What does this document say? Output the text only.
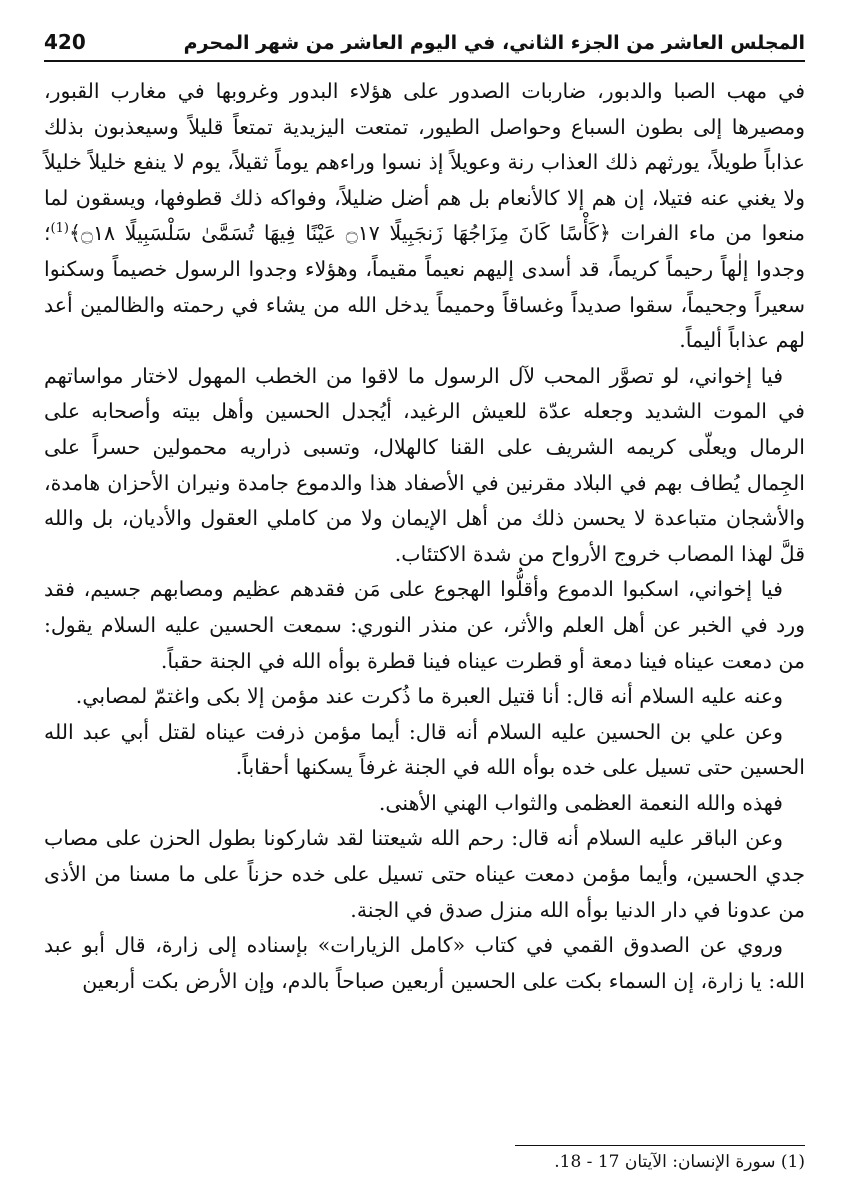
المجلس العاشر من الجزء الثاني، في اليوم العاشر من شهر المحرم
420

في مهب الصبا والدبور، ضاربات الصدور على هؤلاء البدور وغروبها في مغارب القبور، ومصيرها إلى بطون السباع وحواصل الطيور، تمتعت اليزيدية تمتعاً قليلاً وسيعذبون بذلك عذاباً طويلاً، يورثهم ذلك العذاب رنة وعويلاً إذ نسوا وراءهم يوماً ثقيلاً، يوم لا ينفع خليلاً خليلاً ولا يغني عنه فتيلا، إن هم إلا كالأنعام بل هم أضل ضليلاً، وفواكه ذلك قطوفها، ويسقون لما منعوا من ماء الفرات ﴿كَأْسًا كَانَ مِزَاجُهَا زَنجَبِيلًا ۝١٧ عَيْنًا فِيهَا تُسَمَّىٰ سَلْسَبِيلًا ۝١٨﴾$^{(1)}$؛ وجدوا إلٰهاً رحيماً كريماً، قد أسدى إليهم نعيماً مقيماً، وهؤلاء وجدوا الرسول خصيماً وسكنوا سعيراً وجحيماً، سقوا صديداً وغساقاً وحميماً يدخل الله من يشاء في رحمته والظالمين أعد لهم عذاباً أليماً.

فيا إخواني، لو تصوَّر المحب لآل الرسول ما لاقوا من الخطب المهول لاختار مواساتهم في الموت الشديد وجعله عدّة للعيش الرغيد، أيُجدل الحسين وأهل بيته وأصحابه على الرمال ويعلّى كريمه الشريف على القنا كالهلال، وتسبى ذراريه محمولين حسراً على الجِمال يُطاف بهم في البلاد مقرنين في الأصفاد هذا والدموع جامدة ونيران الأحزان هامدة، والأشجان متباعدة لا يحسن ذلك من أهل الإيمان ولا من كاملي العقول والأديان، بل والله قلَّ لهذا المصاب خروج الأرواح من شدة الاكتئاب.

فيا إخواني، اسكبوا الدموع وأقلُّوا الهجوع على مَن فقدهم عظيم ومصابهم جسيم، فقد ورد في الخبر عن أهل العلم والأثر، عن منذر النوري: سمعت الحسين عليه السلام يقول: من دمعت عيناه فينا دمعة أو قطرت عيناه فينا قطرة بوأه الله في الجنة حقباً.

وعنه عليه السلام أنه قال: أنا قتيل العبرة ما ذُكرت عند مؤمن إلا بكى واغتمّ لمصابي.

وعن علي بن الحسين عليه السلام أنه قال: أيما مؤمن ذرفت عيناه لقتل أبي عبد الله الحسين حتى تسيل على خده بوأه الله في الجنة غرفاً يسكنها أحقاباً.

فهذه والله النعمة العظمى والثواب الهني الأهنى.

وعن الباقر عليه السلام أنه قال: رحم الله شيعتنا لقد شاركونا بطول الحزن على مصاب جدي الحسين، وأيما مؤمن دمعت عيناه حتى تسيل على خده حزناً على ما مسنا من الأذى من عدونا في دار الدنيا بوأه الله منزل صدق في الجنة.

وروي عن الصدوق القمي في كتاب «كامل الزيارات» بإسناده إلى زارة، قال أبو عبد الله: يا زارة، إن السماء بكت على الحسين أربعين صباحاً بالدم، وإن الأرض بكت أربعين

(1) سورة الإنسان: الآيتان 17 - 18.
